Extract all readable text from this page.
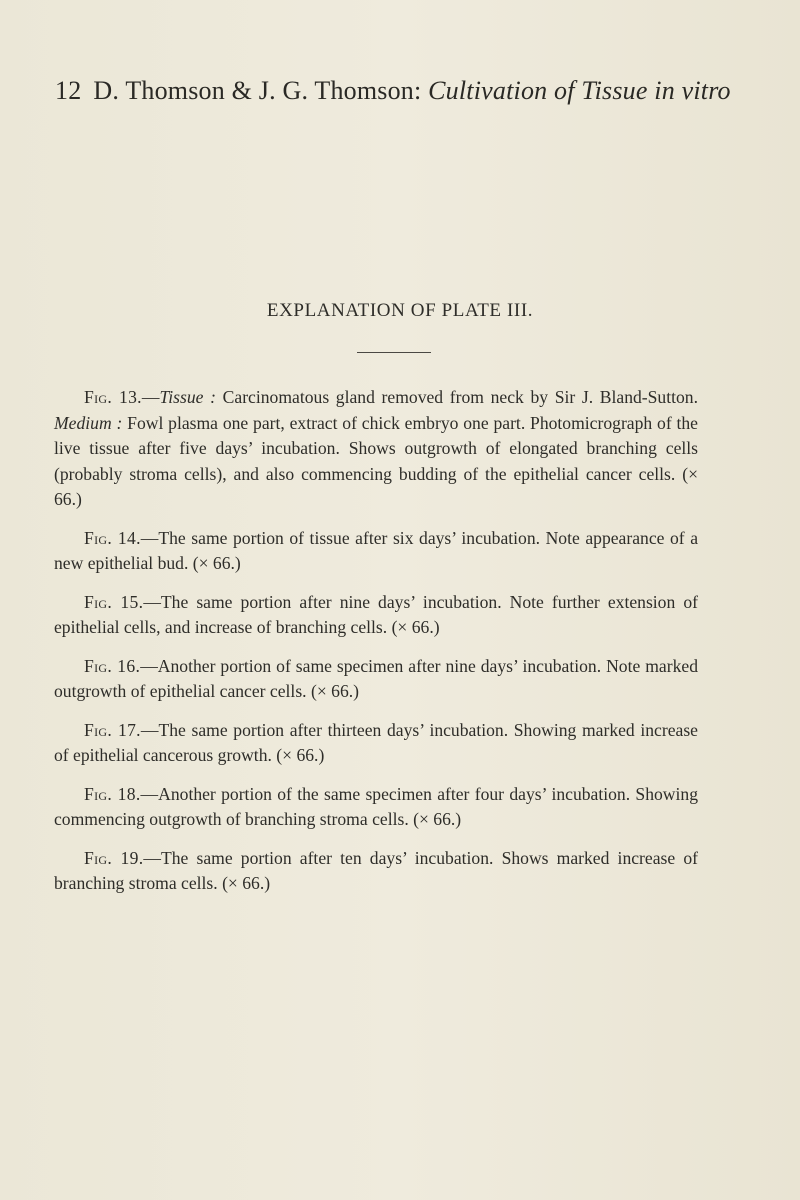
12 D. Thomson & J. G. Thomson: Cultivation of Tissue in vitro
EXPLANATION OF PLATE III.

Fig. 13.—Tissue : Carcinomatous gland removed from neck by Sir J. Bland-Sutton. Medium : Fowl plasma one part, extract of chick embryo one part. Photomicrograph of the live tissue after five days’ incubation. Shows outgrowth of elongated branching cells (probably stroma cells), and also commencing budding of the epithelial cancer cells. (× 66.)

Fig. 14.—The same portion of tissue after six days’ incubation. Note appearance of a new epithelial bud. (× 66.)

Fig. 15.—The same portion after nine days’ incubation. Note further extension of epithelial cells, and increase of branching cells. (× 66.)

Fig. 16.—Another portion of same specimen after nine days’ incubation. Note marked outgrowth of epithelial cancer cells. (× 66.)

Fig. 17.—The same portion after thirteen days’ incubation. Showing marked increase of epithelial cancerous growth. (× 66.)

Fig. 18.—Another portion of the same specimen after four days’ incubation. Showing commencing outgrowth of branching stroma cells. (× 66.)

Fig. 19.—The same portion after ten days’ incubation. Shows marked increase of branching stroma cells. (× 66.)
